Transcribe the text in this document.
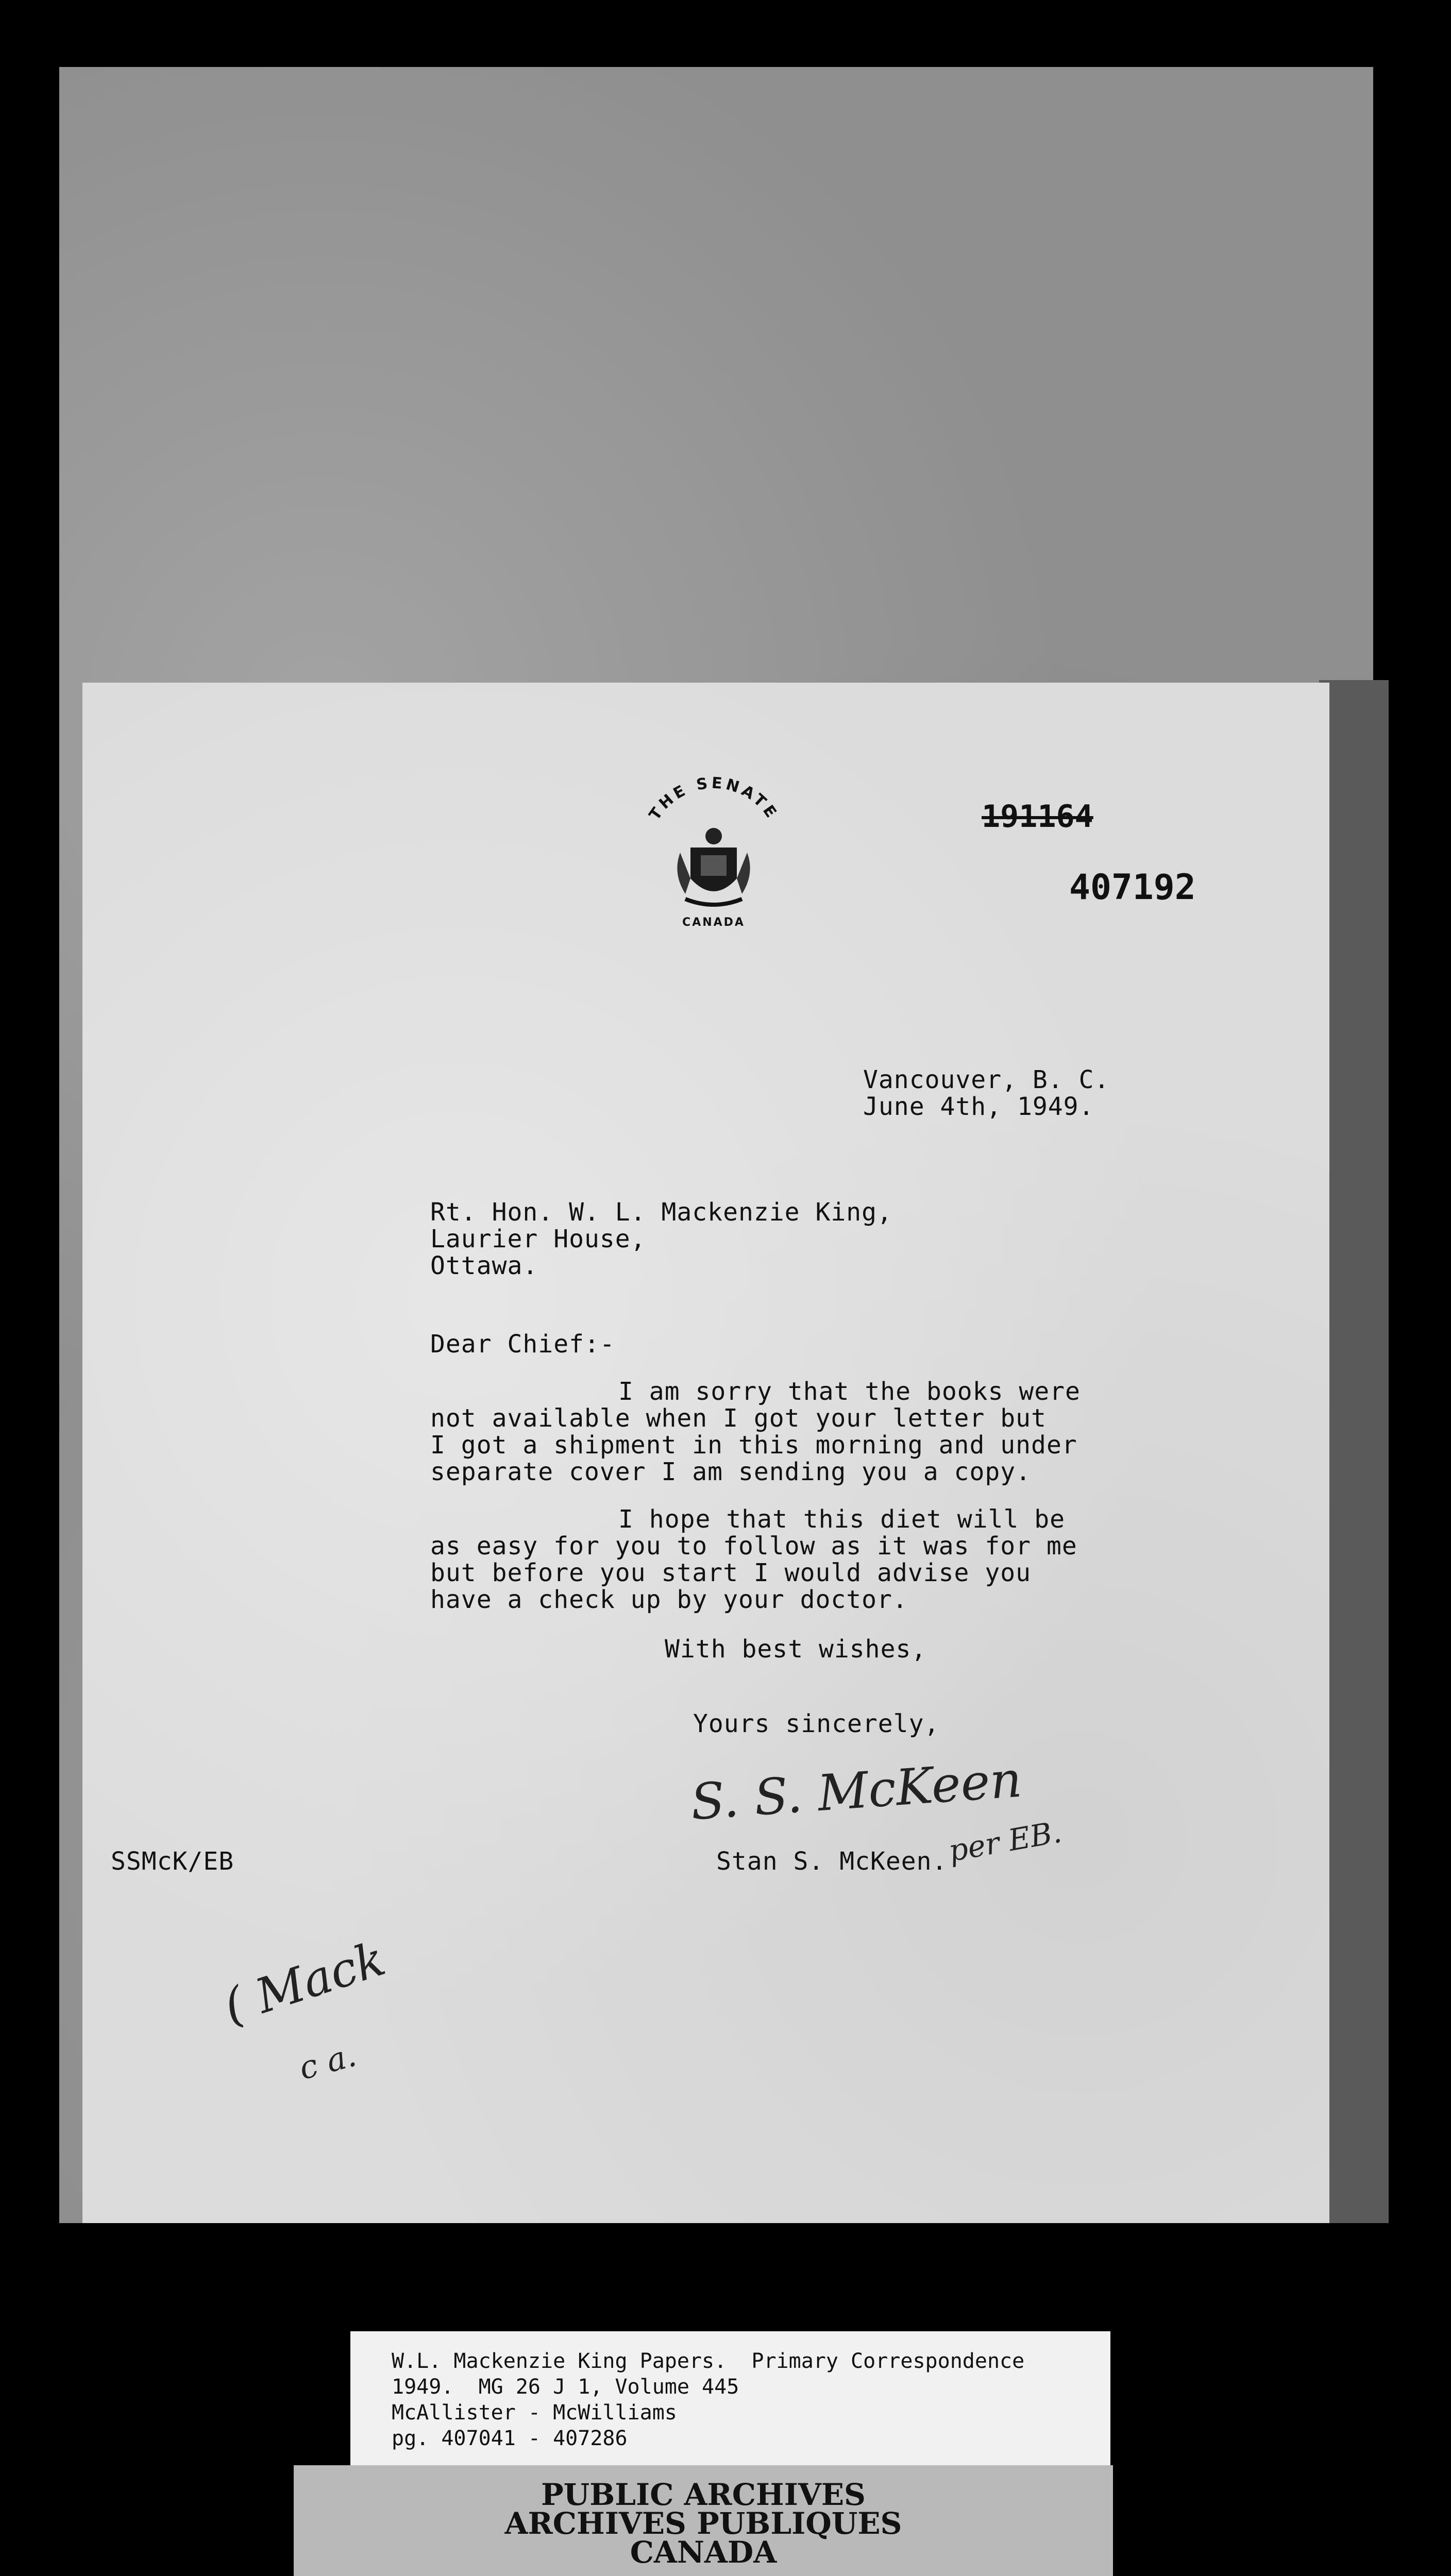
THE SENATE
CANADA
191164
407192
Vancouver, B. C.
June 4th, 1949.
Rt. Hon. W. L. Mackenzie King,
Laurier House,
Ottawa.
Dear Chief:-
I am sorry that the books were
not available when I got your letter but
I got a shipment in this morning and under
separate cover I am sending you a copy.
I hope that this diet will be
as easy for you to follow as it was for me
but before you start I would advise you
have a check up by your doctor.
With best wishes,
Yours sincerely,
S. S. McKeen
per EB.
Stan S. McKeen.
SSMcK/EB
( Mack
c a.
W.L. Mackenzie King Papers.  Primary Correspondence
1949.  MG 26 J 1, Volume 445
McAllister - McWilliams
pg. 407041 - 407286
PUBLIC ARCHIVES
ARCHIVES PUBLIQUES
CANADA
